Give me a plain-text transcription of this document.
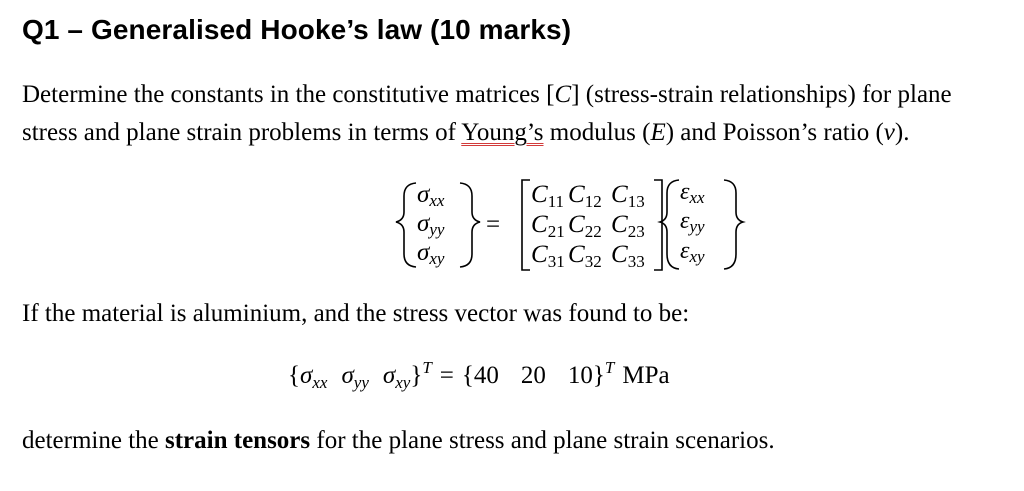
Q1 – Generalised Hooke’s law (10 marks)
Determine the constants in the constitutive matrices [C] (stress-strain relationships) for plane
stress and plane strain problems in terms of Young’s modulus (E) and Poisson’s ratio (ν).
σxx
σyy
σxy
=
$C_{11}$ $C_{12}$ $C_{13}$
$C_{21}$ $C_{22}$ $C_{23}$
$C_{31}$ $C_{32}$ $C_{33}$
εxx
εyy
εxy
{$\sigma_{xx}$ $\sigma_{yy}$ $\sigma_{xy}\}^T = \{40$ 20 10}$^T$ MPa
If the material is aluminium, and the stress vector was found to be:
determine the strain tensors for the plane stress and plane strain scenarios.
